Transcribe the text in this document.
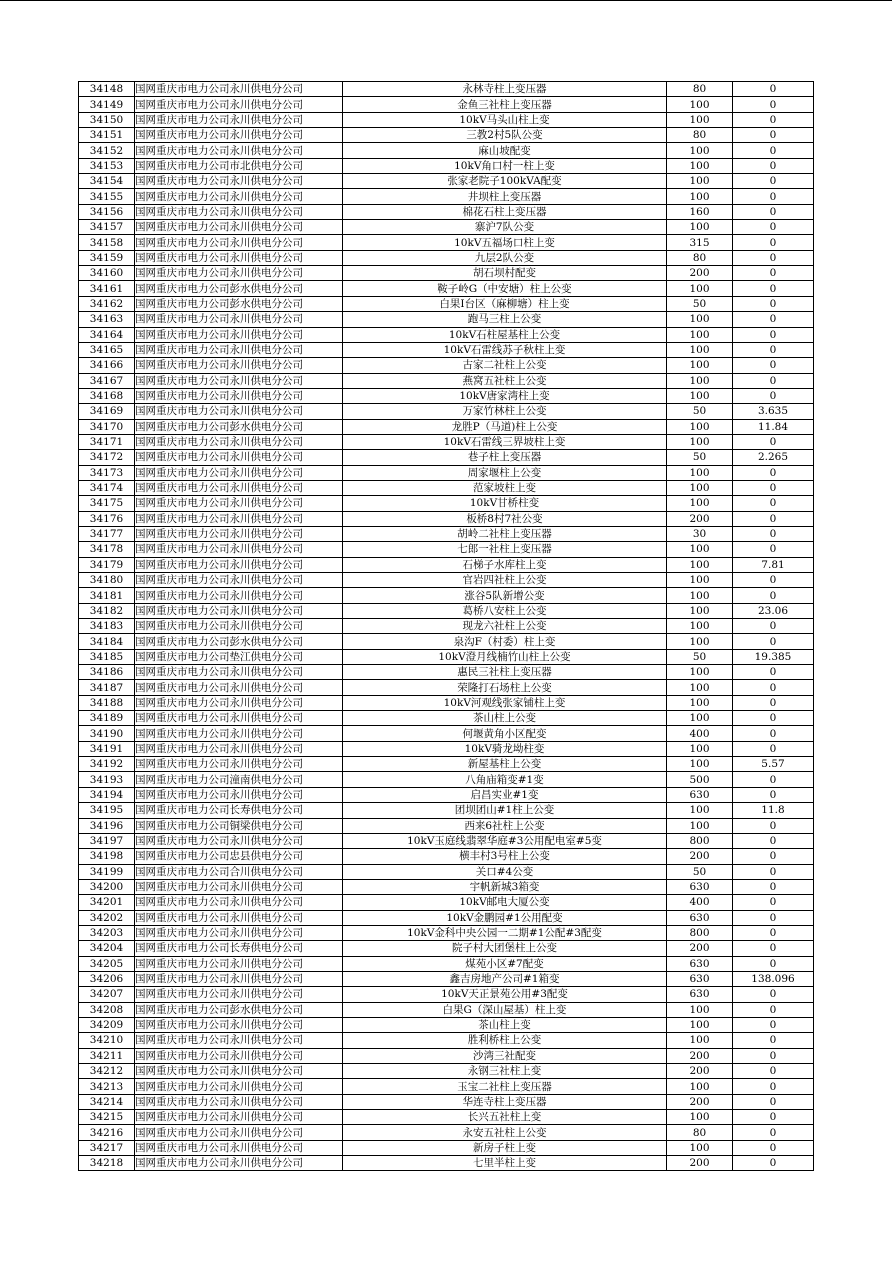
34148	国网重庆市电力公司永川供电分公司	永林寺柱上变压器	80	0
34149	国网重庆市电力公司永川供电分公司	金鱼三社柱上变压器	100	0
34150	国网重庆市电力公司永川供电分公司	10kV马头山柱上变	100	0
34151	国网重庆市电力公司永川供电分公司	三教2村5队公变	80	0
34152	国网重庆市电力公司永川供电分公司	麻山坡配变	100	0
34153	国网重庆市电力公司市北供电分公司	10kV角口村一柱上变	100	0
34154	国网重庆市电力公司永川供电分公司	张家老院子100kVA配变	100	0
34155	国网重庆市电力公司永川供电分公司	井坝柱上变压器	100	0
34156	国网重庆市电力公司永川供电分公司	棉花石柱上变压器	160	0
34157	国网重庆市电力公司永川供电分公司	寨沪7队公变	100	0
34158	国网重庆市电力公司永川供电分公司	10kV五福场口柱上变	315	0
34159	国网重庆市电力公司永川供电分公司	九层2队公变	80	0
34160	国网重庆市电力公司永川供电分公司	胡石坝村配变	200	0
34161	国网重庆市电力公司彭水供电分公司	鞍子岭G（中安塘）柱上公变	100	0
34162	国网重庆市电力公司彭水供电分公司	白果I台区（麻柳塘）柱上变	50	0
34163	国网重庆市电力公司永川供电分公司	跑马三柱上公变	100	0
34164	国网重庆市电力公司永川供电分公司	10kV石柱屋基柱上公变	100	0
34165	国网重庆市电力公司永川供电分公司	10kV石雷线苏子秋柱上变	100	0
34166	国网重庆市电力公司永川供电分公司	古家二社柱上公变	100	0
34167	国网重庆市电力公司永川供电分公司	燕窝五社柱上公变	100	0
34168	国网重庆市电力公司永川供电分公司	10kV唐家湾柱上变	100	0
34169	国网重庆市电力公司永川供电分公司	万家竹林柱上公变	50	3.635
34170	国网重庆市电力公司彭水供电分公司	龙胜P（马道)柱上公变	100	11.84
34171	国网重庆市电力公司永川供电分公司	10kV石雷线三界坡柱上变	100	0
34172	国网重庆市电力公司永川供电分公司	巷子柱上变压器	50	2.265
34173	国网重庆市电力公司永川供电分公司	周家堰柱上公变	100	0
34174	国网重庆市电力公司永川供电分公司	范家坡柱上变	100	0
34175	国网重庆市电力公司永川供电分公司	10kV甘桥柱变	100	0
34176	国网重庆市电力公司永川供电分公司	板桥8村7社公变	200	0
34177	国网重庆市电力公司永川供电分公司	胡岭二社柱上变压器	30	0
34178	国网重庆市电力公司永川供电分公司	七郎一社柱上变压器	100	0
34179	国网重庆市电力公司永川供电分公司	石梯子水库柱上变	100	7.81
34180	国网重庆市电力公司永川供电分公司	官岩四社柱上公变	100	0
34181	国网重庆市电力公司永川供电分公司	涨谷5队新增公变	100	0
34182	国网重庆市电力公司永川供电分公司	葛桥八安柱上公变	100	23.06
34183	国网重庆市电力公司永川供电分公司	现龙六社柱上公变	100	0
34184	国网重庆市电力公司彭水供电分公司	泉沟F（村委）柱上变	100	0
34185	国网重庆市电力公司垫江供电分公司	10kV澄月线楠竹山柱上公变	50	19.385
34186	国网重庆市电力公司永川供电分公司	惠民三社柱上变压器	100	0
34187	国网重庆市电力公司永川供电分公司	荣隆打石场柱上公变	100	0
34188	国网重庆市电力公司永川供电分公司	10kV河观线张家铺柱上变	100	0
34189	国网重庆市电力公司永川供电分公司	茶山柱上公变	100	0
34190	国网重庆市电力公司永川供电分公司	何堰黄角小区配变	400	0
34191	国网重庆市电力公司永川供电分公司	10kV骑龙坳柱变	100	0
34192	国网重庆市电力公司永川供电分公司	新屋基柱上公变	100	5.57
34193	国网重庆市电力公司潼南供电分公司	八角庙箱变#1变	500	0
34194	国网重庆市电力公司永川供电分公司	启昌实业#1变	630	0
34195	国网重庆市电力公司长寿供电分公司	团坝团山#1柱上公变	100	11.8
34196	国网重庆市电力公司铜梁供电分公司	西来6社柱上公变	100	0
34197	国网重庆市电力公司永川供电分公司	10kV玉庭线翡翠华庭#3公用配电室#5变	800	0
34198	国网重庆市电力公司忠县供电分公司	横丰村3号柱上公变	200	0
34199	国网重庆市电力公司合川供电分公司	关口#4公变	50	0
34200	国网重庆市电力公司永川供电分公司	宇帆新城3箱变	630	0
34201	国网重庆市电力公司永川供电分公司	10kV邮电大厦公变	400	0
34202	国网重庆市电力公司永川供电分公司	10kV金鹏园#1公用配变	630	0
34203	国网重庆市电力公司永川供电分公司	10kV金科中央公园一二期#1公配#3配变	800	0
34204	国网重庆市电力公司长寿供电分公司	院子村大团堡柱上公变	200	0
34205	国网重庆市电力公司永川供电分公司	煤苑小区#7配变	630	0
34206	国网重庆市电力公司永川供电分公司	鑫吉房地产公司#1箱变	630	138.096
34207	国网重庆市电力公司永川供电分公司	10kV天正景苑公用#3配变	630	0
34208	国网重庆市电力公司彭水供电分公司	白果G（深山屋基）柱上变	100	0
34209	国网重庆市电力公司永川供电分公司	茶山柱上变	100	0
34210	国网重庆市电力公司永川供电分公司	胜利桥柱上公变	100	0
34211	国网重庆市电力公司永川供电分公司	沙湾三社配变	200	0
34212	国网重庆市电力公司永川供电分公司	永钢三社柱上变	200	0
34213	国网重庆市电力公司永川供电分公司	玉宝二社柱上变压器	100	0
34214	国网重庆市电力公司永川供电分公司	华连寺柱上变压器	200	0
34215	国网重庆市电力公司永川供电分公司	长兴五社柱上变	100	0
34216	国网重庆市电力公司永川供电分公司	永安五社柱上公变	80	0
34217	国网重庆市电力公司永川供电分公司	新房子柱上变	100	0
34218	国网重庆市电力公司永川供电分公司	七里半柱上变	200	0
